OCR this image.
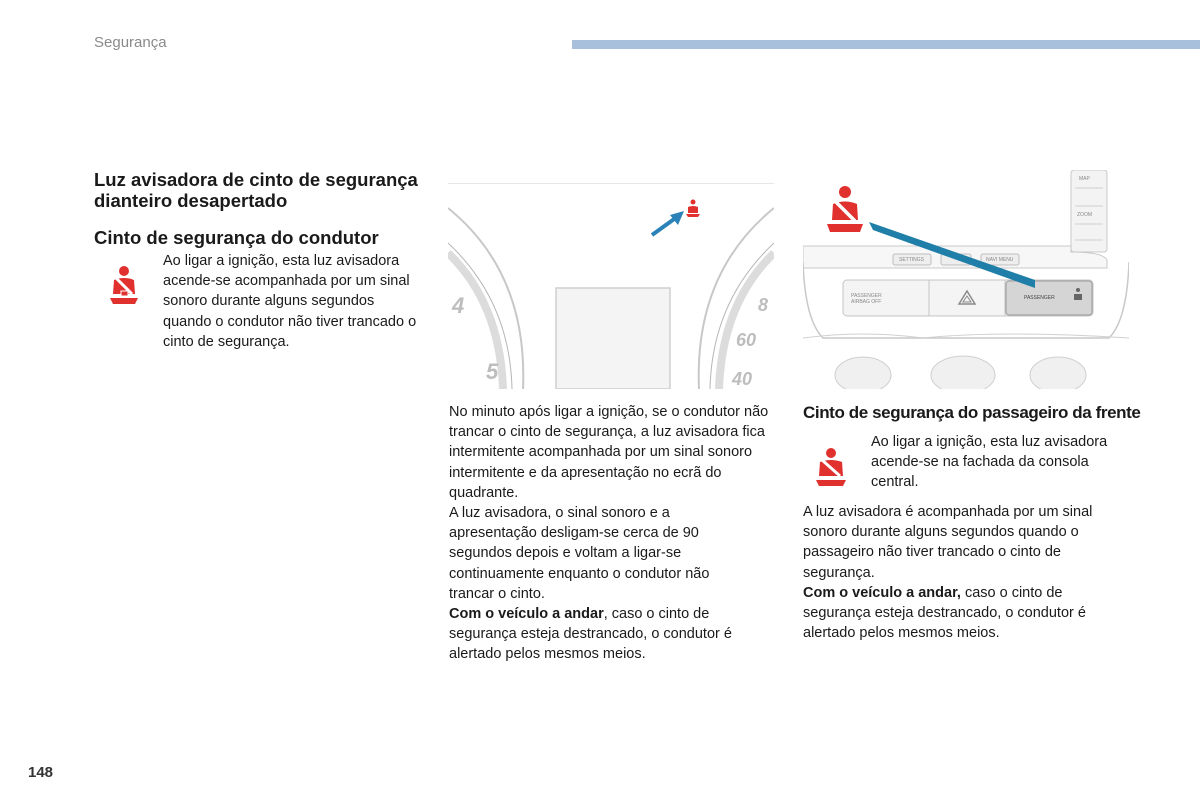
Segurança
Luz avisadora de cinto de segurança dianteiro desapertado
Cinto de segurança do condutor

Ao ligar a ignição, esta luz avisadora acende-se acompanhada por um sinal sonoro durante alguns segundos quando o condutor não tiver trancado o cinto de segurança.

4
5
8
60
40

No minuto após ligar a ignição, se o condutor não trancar o cinto de segurança, a luz avisadora fica intermitente acompanhada por um sinal sonoro intermitente e da apresentação no ecrã do quadrante.

A luz avisadora, o sinal sonoro e a apresentação desligam-se cerca de 90 segundos depois e voltam a ligar-se continuamente enquanto o condutor não trancar o cinto.

Com o veículo a andar, caso o cinto de segurança esteja destrancado, o condutor é alertado pelos mesmos meios.

MAP
ZOOM
SETTINGS	NAVI MENU
PASSENGER AIRBAG OFF
PASSENGER
Cinto de segurança do passageiro da frente

Ao ligar a ignição, esta luz avisadora acende-se na fachada da consola central.

A luz avisadora é acompanhada por um sinal sonoro durante alguns segundos quando o passageiro não tiver trancado o cinto de segurança.

Com o veículo a andar, caso o cinto de segurança esteja destrancado, o condutor é alertado pelos mesmos meios.

148
